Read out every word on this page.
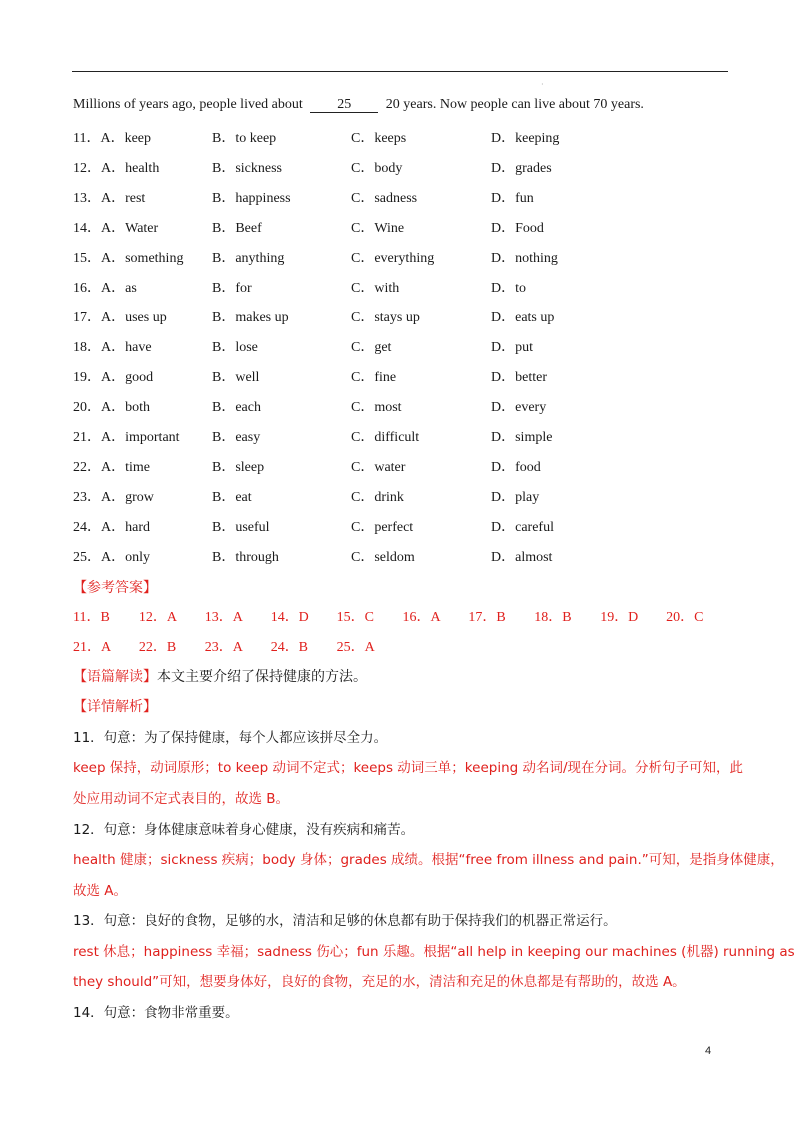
·
Millions of years ago, people lived about 25 20 years. Now people can live about 70 years.
11．A．keep	B．to keep	C．keeps	D．keeping
12．A．health	B．sickness	C．body	D．grades
13．A．rest	B．happiness	C．sadness	D．fun
14．A．Water	B．Beef	C．Wine	D．Food
15．A．something B．anything	C．everything	D．nothing
16．A．as	B．for	C．with	D．to
17．A．uses up	B．makes up	C．stays up	D．eats up
18．A．have	B．lose	C．get	D．put
19．A．good	B．well	C．fine	D．better
20．A．both	B．each	C．most	D．every
21．A．important B．easy	C．difficult	D．simple
22．A．time	B．sleep	C．water	D．food
23．A．grow	B．eat	C．drink	D．play
24．A．hard	B．useful	C．perfect	D．careful
25．A．only	B．through	C．seldom	D．almost
【参考答案】
11．B 12．A 13．A 14．D 15．C 16．A 17．B 18．B 19．D 20．C
21．A 22．B 23．A 24．B 25．A
【语篇解读】本文主要介绍了保持健康的方法。
【详情解析】
11．句意：为了保持健康，每个人都应该拼尽全力。
keep 保持，动词原形；to keep 动词不定式；keeps 动词三单；keeping 动名词/现在分词。分析句子可知，此
处应用动词不定式表目的，故选 B。
12．句意：身体健康意味着身心健康，没有疾病和痛苦。
health 健康；sickness 疾病；body 身体；grades 成绩。根据“free from illness and pain.”可知，是指身体健康，
故选 A。
13．句意：良好的食物，足够的水，清洁和足够的休息都有助于保持我们的机器正常运行。
rest 休息；happiness 幸福；sadness 伤心；fun 乐趣。根据“all help in keeping our machines (机器) running as
they should”可知，想要身体好，良好的食物，充足的水，清洁和充足的休息都是有帮助的，故选 A。
14．句意：食物非常重要。
4
